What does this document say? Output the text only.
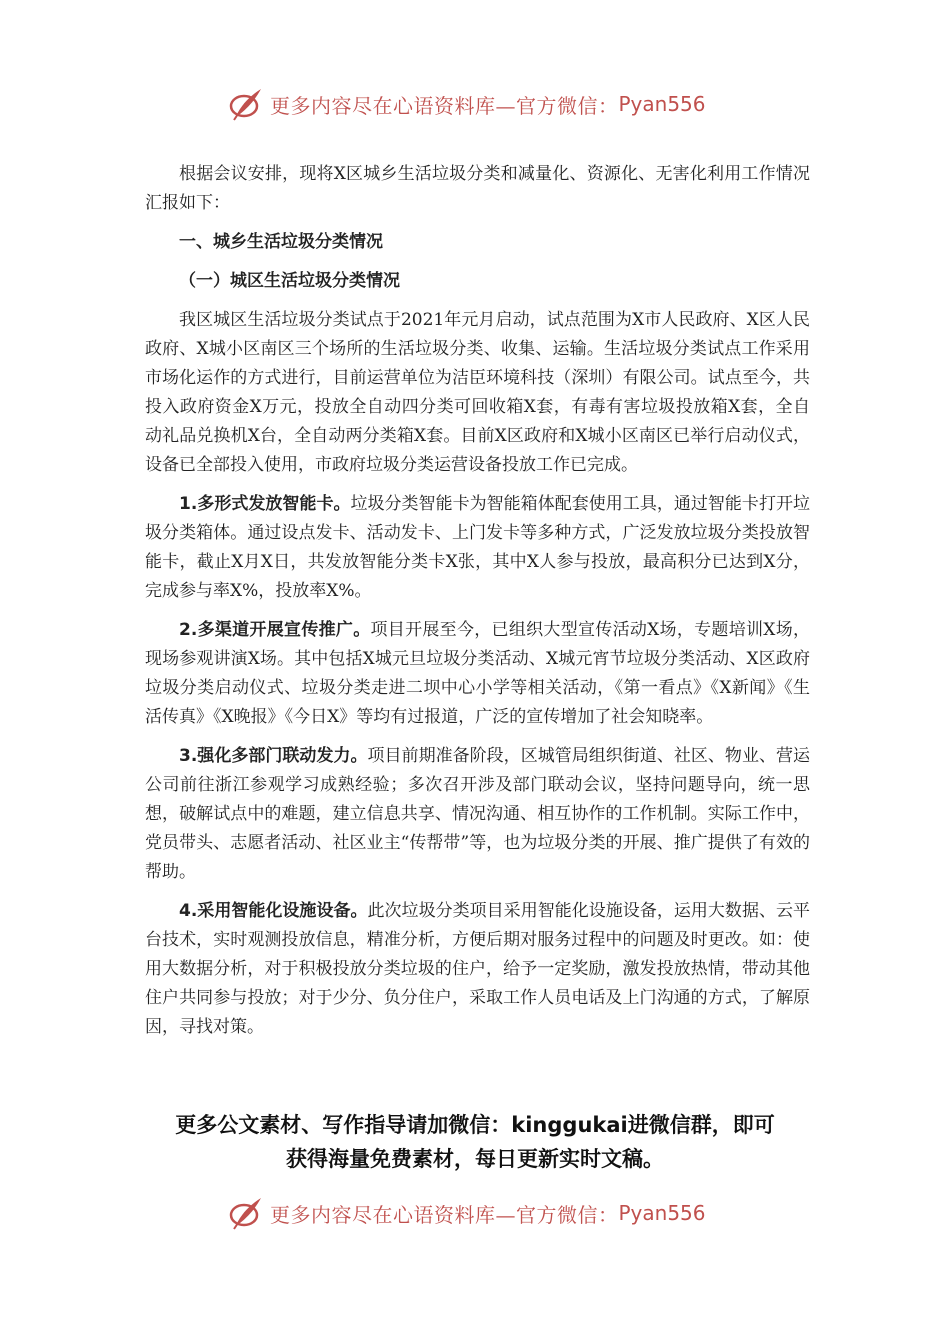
更多内容尽在心语资料库—官方微信： Pyan556

根据会议安排，现将X区城乡生活垃圾分类和减量化、资源化、无害化利用工作情况汇报如下：

一、城乡生活垃圾分类情况

（一）城区生活垃圾分类情况

我区城区生活垃圾分类试点于2021年元月启动，试点范围为X市人民政府、X区人民政府、X城小区南区三个场所的生活垃圾分类、收集、运输。生活垃圾分类试点工作采用市场化运作的方式进行，目前运营单位为洁臣环境科技（深圳）有限公司。试点至今，共投入政府资金X万元，投放全自动四分类可回收箱X套，有毒有害垃圾投放箱X套，全自动礼品兑换机X台，全自动两分类箱X套。目前X区政府和X城小区南区已举行启动仪式，设备已全部投入使用，市政府垃圾分类运营设备投放工作已完成。

1.多形式发放智能卡。垃圾分类智能卡为智能箱体配套使用工具，通过智能卡打开垃圾分类箱体。通过设点发卡、活动发卡、上门发卡等多种方式，广泛发放垃圾分类投放智能卡，截止X月X日，共发放智能分类卡X张，其中X人参与投放，最高积分已达到X分，完成参与率X%，投放率X%。

2.多渠道开展宣传推广。项目开展至今，已组织大型宣传活动X场，专题培训X场，现场参观讲演X场。其中包括X城元旦垃圾分类活动、X城元宵节垃圾分类活动、X区政府垃圾分类启动仪式、垃圾分类走进二坝中心小学等相关活动，《第一看点》《X新闻》《生活传真》《X晚报》《今日X》等均有过报道，广泛的宣传增加了社会知晓率。

3.强化多部门联动发力。项目前期准备阶段，区城管局组织街道、社区、物业、营运公司前往浙江参观学习成熟经验；多次召开涉及部门联动会议，坚持问题导向，统一思想，破解试点中的难题，建立信息共享、情况沟通、相互协作的工作机制。实际工作中，党员带头、志愿者活动、社区业主“传帮带”等，也为垃圾分类的开展、推广提供了有效的帮助。

4.采用智能化设施设备。此次垃圾分类项目采用智能化设施设备，运用大数据、云平台技术，实时观测投放信息，精准分析，方便后期对服务过程中的问题及时更改。如：使用大数据分析，对于积极投放分类垃圾的住户，给予一定奖励，激发投放热情，带动其他住户共同参与投放；对于少分、负分住户，采取工作人员电话及上门沟通的方式，了解原因，寻找对策。

更多公文素材、写作指导请加微信：kinggukai进微信群，即可
获得海量免费素材，每日更新实时文稿。
更多内容尽在心语资料库—官方微信： Pyan556
